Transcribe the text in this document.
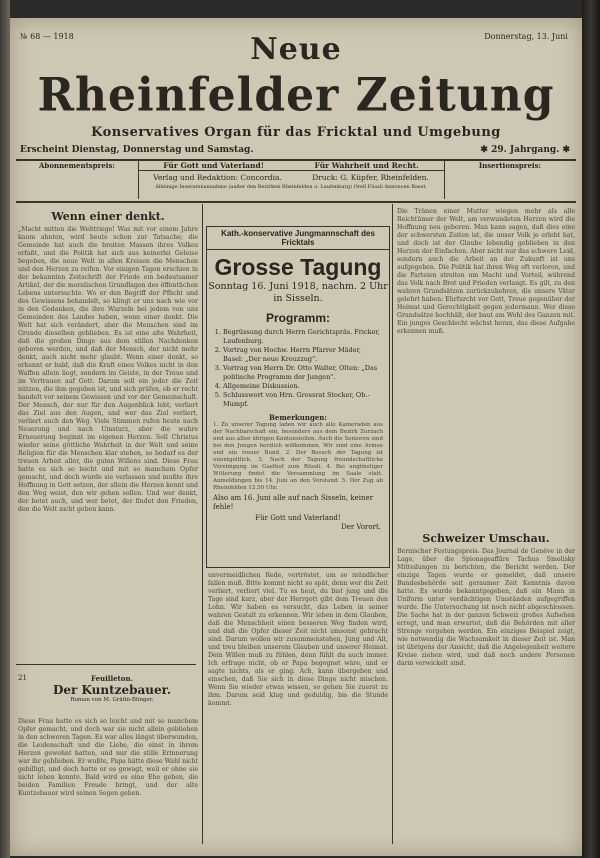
№ 68 — 1918	Donnerstag, 13. Juni
Neue
Rheinfelder Zeitung
Konservatives Organ für das Fricktal und Umgebung
Erscheint Dienstag, Donnerstag und Samstag.	✱ 29. Jahrgang. ✱
Abonnementspreis:	Für Gott und Vaterland!	Für Wahrheit und Recht.
Verlag und Redaktion: Concordia.	Druck: G. Küpfer, Rheinfelden.
Alleinige Inseratenannahme (außer den Bezirken Rheinfelden u. Laufenburg) Orell Füssli Annoncen Basel.
Insertionspreis:
Wenn einer denkt.
„Macht mitten die Welttriege! Was mit vor einem Jahre kaum ahnten, wird heute schon zur Tatsache; die Gemeinde hat auch die breiten Massen ihres Volkes erfaßt, und die Politik hat sich aus keinerlei Geleise begeben, die neue Welt in allen Kreisen die Menschen und den Herzen zu reifen. Vor einigen Tagen erschien in der bekannten Zeitschrift der Friede ein bedeutsamer Artikel, der die moralischen Grundlagen des öffentlichen Lebens untersuchte. Wo er den Begriff der Pflicht und des Gewissens behandelt, so klingt er uns nach wie vor in den Gedanken, die ihre Wurzeln bei jedem von uns Gemeinden des Landes haben, wenn einer denkt. Die Welt hat sich verändert, aber die Menschen sind im Grunde dieselben geblieben. Es ist eine alte Wahrheit, daß die großen Dinge aus dem stillen Nachdenken geboren werden, und daß der Mensch, der nicht mehr denkt, auch nicht mehr glaubt. Wenn einer denkt, so erkennt er bald, daß die Kraft eines Volkes nicht in den Waffen allein liegt, sondern im Geiste, in der Treue und im Vertrauen auf Gott. Darum soll ein jeder die Zeit nützen, die ihm gegeben ist, und sich prüfen, ob er recht handelt vor seinem Gewissen und vor der Gemeinschaft. Der Mensch, der nur für den Augenblick lebt, verliert das Ziel aus den Augen, und wer das Ziel verliert, verliert auch den Weg. Viele Stimmen rufen heute nach Neuerung und nach Umsturz, aber die wahre Erneuerung beginnt im eigenen Herzen. Soll Christus wieder seine göttliche Wahrheit in der Welt und seine Religion für die Menschen klar stehen, so bedarf es der treuen Arbeit aller, die guten Willens sind. Diese Frau hatte es sich so leicht und mit so manchem Opfer gemacht, und doch wurde sie verlassen und mußte ihre Hoffnung in Gott setzen, der allein die Herzen kennt und den Weg weist, den wir gehen sollen. Und wer denkt, der betet auch, und wer betet, der findet den Frieden, den die Welt nicht geben kann.
21	Feuilleton.
Der Kuntzebauer.
Roman von M. Gräfin-Bünger.
Diese Frau hatte es sich so leicht und mit so manchem Opfer gemacht, und doch war sie nicht allein geblieben in den schweren Tagen. Es war alles längst überwunden, die Leidenschaft und die Liebe, die einst in ihrem Herzen gewohnt hatten, und nur die stille Erinnerung war ihr geblieben. Er wußte, Papa hätte diese Wahl nicht gebilligt, und doch hatte er es gewagt, weil er ohne sie nicht leben konnte. Bald wird es eine Ehe geben, die beiden Familien Freude bringt, und der alte Kuntzebauer wird seinen Segen geben.
Kath.-konservative Jungmannschaft des Fricktals
Grosse Tagung
Sonntag 16. Juni 1918, nachm. 2 Uhr
in Sisseln.
Programm:
1. Begrüssung durch Herrn Gerichtspräs. Fricker, Laufenburg.
2. Vortrag von Hochw. Herrn Pfarrer Mäder, Basel: „Der neue Kreuzzug".
3. Vortrag von Herrn Dr. Otto Walter, Olten: „Das politische Programm der Jungen".
4. Allgemeine Diskussion.
5. Schlusswort von Hrn. Grossrat Stocker, Ob.-Mumpf.
Bemerkungen:
1. Zu unserer Tagung laden wir auch alle Kameraden aus der Nachbarschaft ein, besonders aus dem Bezirk Zurzach und aus allen übrigen Kantonsteilen. Auch die Senioren sind bei den Jungen herzlich willkommen. Wir sind eine Armee und ein treuer Bund. 2. Der Besuch der Tagung ist unentgeltlich. 3. Nach der Tagung freundschaftliche Vereinigung im Gasthof zum Rössli. 4. Bei ungünstiger Witterung findet die Versammlung im Saale statt. Anmeldungen bis 14. Juni an den Vorstand. 5. Der Zug ab Rheinfelden 12.50 Uhr.
Also am 16. Juni alle auf nach Sisseln, keiner fehle!
Für Gott und Vaterland!
Der Vorort.
unvermeidlichen Rede, vertröstet, um so mündlicher fallen muß. Bitte kommt nicht so spät, denn wer die Zeit verliert, verliert viel. Tu es heut, du bist jung und die Tage sind kurz, aber der Herrgott gibt dem Treuen den Lohn. Wir haben es versucht, das Leben in seiner wahren Gestalt zu erkennen. Wir leben in dem Glauben, daß die Menschheit einen besseren Weg finden wird, und daß die Opfer dieser Zeit nicht umsonst gebracht sind. Darum wollen wir zusammenstehen, Jung und Alt, und treu bleiben unserem Glauben und unserer Heimat. Dein Willen muß zu fühlen, denn fühlt du auch immer. Ich erfrage nicht, ob er Papa begegnet wäre, und er sagte nichts, als er ging. Ach, kann übergeben und einschen, daß Sie sich in diese Dinge nicht mischen. Wenn Sie wieder etwas wissen, so gehen Sie zuerst zu ihm. Darum seid klug und geduldig, bis die Stunde kommt.
Die Tränen einer Mutter wiegen mehr als alle Reichtümer der Welt, am verwundeten Herzen wird die Hoffnung neu geboren. Man kann sagen, daß dies eine der schwersten Zeiten ist, die unser Volk je erlebt hat, und doch ist der Glaube lebendig geblieben in den Herzen der Einfachen. Aber nicht nur das schwere Leid, sondern auch die Arbeit an der Zukunft ist uns aufgegeben. Die Politik hat ihren Weg oft verloren, und die Parteien streiten um Macht und Vorteil, während das Volk nach Brot und Frieden verlangt. Es gilt, zu den wahren Grundsätzen zurückzukehren, die unsere Väter gelehrt haben: Ehrfurcht vor Gott, Treue gegenüber der Heimat und Gerechtigkeit gegen jedermann. Wer diese Grundsätze hochhält, der baut am Wohl des Ganzen mit. Ein junges Geschlecht wächst heran, das diese Aufgabe erkennen muß.
Schweizer Umschau.
Bernischer Festungspreis. Das Journal de Genève in der Lage, über die Spionageaffäre Tachus Smolisky Mitteilungen zu berichten, die Bericht werden. Der einzige Tagen wurde er gemeldet, daß unsere Bundesbehörde seit geraumer Zeit Kenntnis davon hatte. Es wurde bekanntgegeben, daß ein Mann in Uniform unter verdächtigen Umständen aufgegriffen wurde. Die Untersuchung ist noch nicht abgeschlossen. Die Sache hat in der ganzen Schweiz großes Aufsehen erregt, und man erwartet, daß die Behörden mit aller Strenge vorgehen werden. Ein einziges Beispiel zeigt, wie notwendig die Wachsamkeit in dieser Zeit ist. Man ist übrigens der Ansicht, daß die Angelegenheit weitere Kreise ziehen wird, und daß noch andere Personen darin verwickelt sind.
